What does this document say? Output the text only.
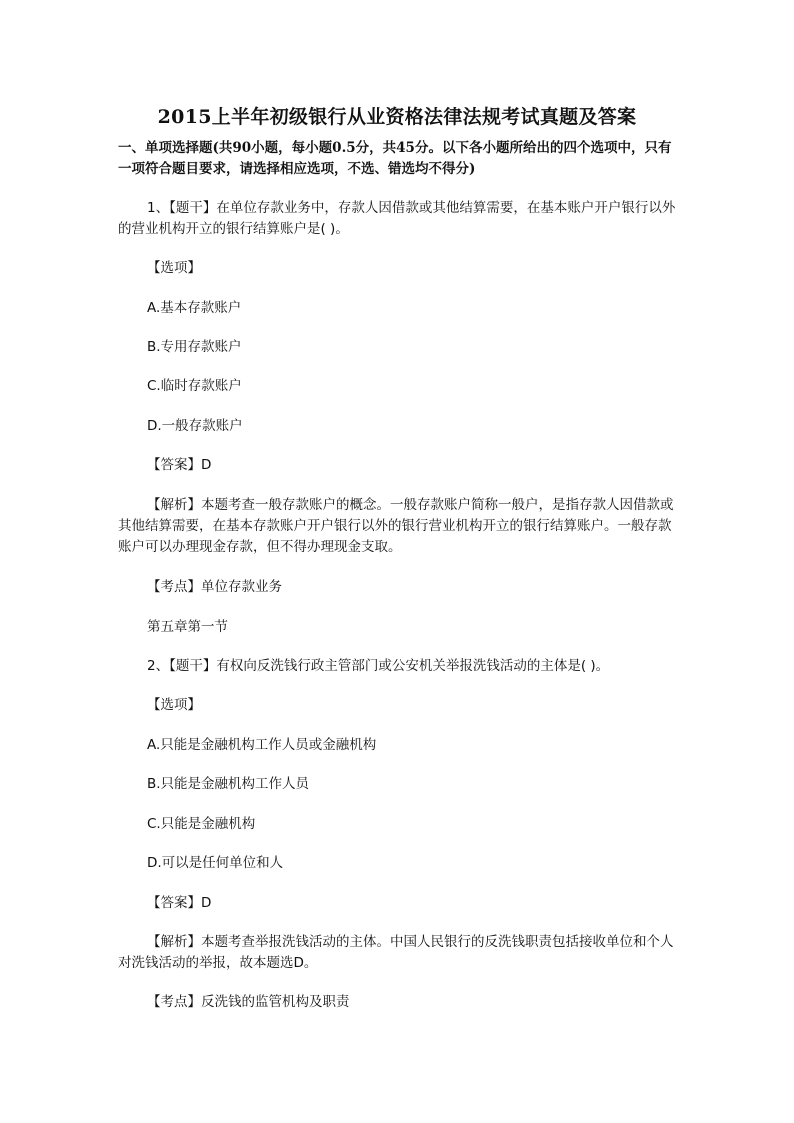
2015上半年初级银行从业资格法律法规考试真题及答案
一、单项选择题(共90小题，每小题0.5分，共45分。以下各小题所给出的四个选项中，只有一项符合题目要求，请选择相应选项，不选、错选均不得分)

1、【题干】在单位存款业务中，存款人因借款或其他结算需要，在基本账户开户银行以外的营业机构开立的银行结算账户是( )。

【选项】

A.基本存款账户

B.专用存款账户

C.临时存款账户

D.一般存款账户

【答案】D

【解析】本题考查一般存款账户的概念。一般存款账户简称一般户，是指存款人因借款或其他结算需要，在基本存款账户开户银行以外的银行营业机构开立的银行结算账户。一般存款账户可以办理现金存款，但不得办理现金支取。

【考点】单位存款业务

第五章第一节

2、【题干】有权向反洗钱行政主管部门或公安机关举报洗钱活动的主体是( )。

【选项】

A.只能是金融机构工作人员或金融机构

B.只能是金融机构工作人员

C.只能是金融机构

D.可以是任何单位和人

【答案】D

【解析】本题考查举报洗钱活动的主体。中国人民银行的反洗钱职责包括接收单位和个人对洗钱活动的举报，故本题选D。

【考点】反洗钱的监管机构及职责
